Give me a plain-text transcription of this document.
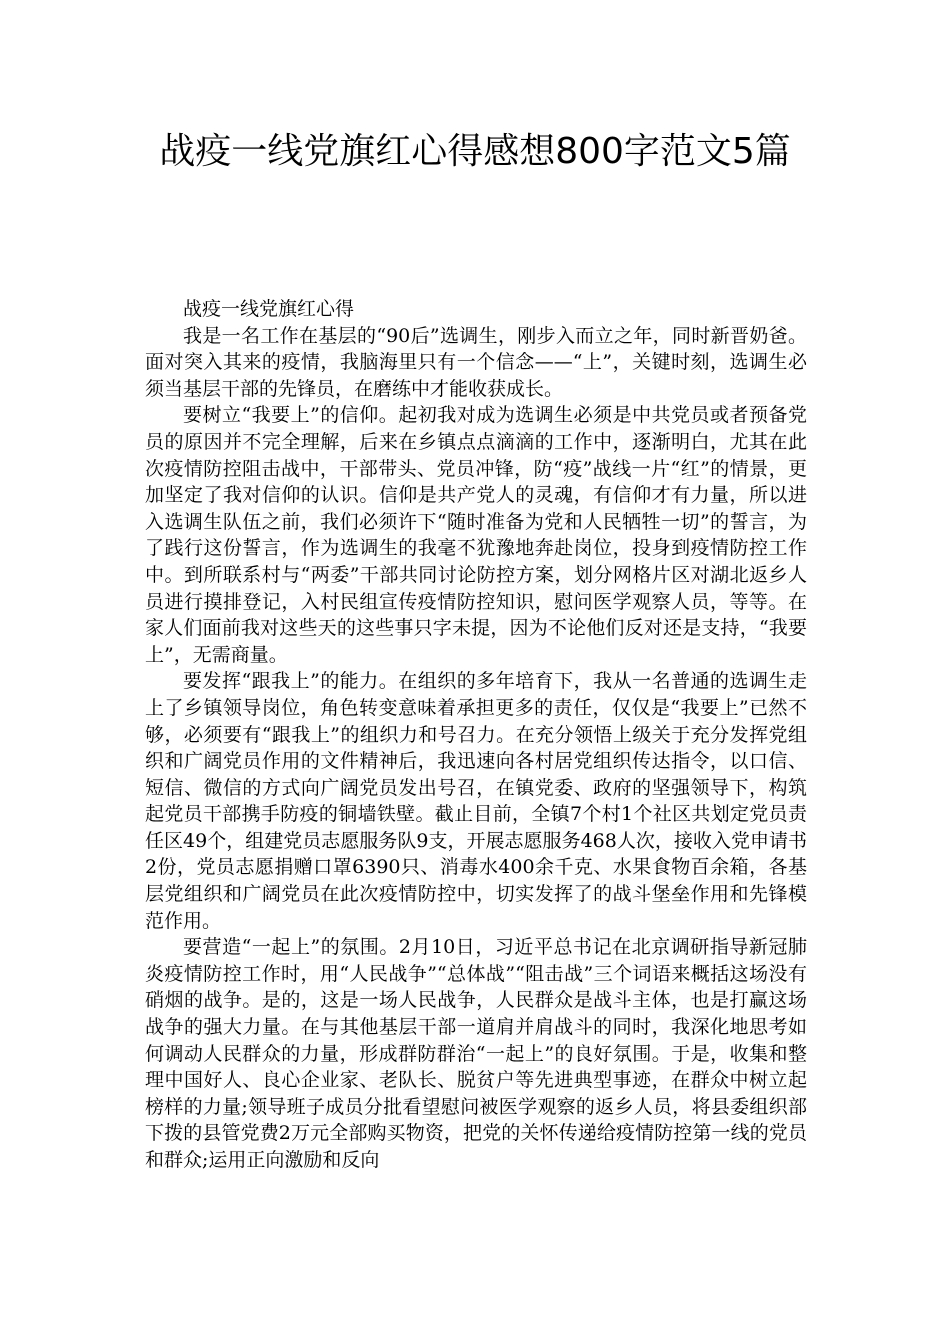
战疫一线党旗红心得感想800字范文5篇

战疫一线党旗红心得

我是一名工作在基层的“90后”选调生，刚步入而立之年，同时新晋奶爸。面对突入其来的疫情，我脑海里只有一个信念——“上”，关键时刻，选调生必须当基层干部的先锋员，在磨练中才能收获成长。

要树立“我要上”的信仰。起初我对成为选调生必须是中共党员或者预备党员的原因并不完全理解，后来在乡镇点点滴滴的工作中，逐渐明白，尤其在此次疫情防控阻击战中，干部带头、党员冲锋，防“疫”战线一片“红”的情景，更加坚定了我对信仰的认识。信仰是共产党人的灵魂，有信仰才有力量，所以进入选调生队伍之前，我们必须许下“随时准备为党和人民牺牲一切”的誓言，为了践行这份誓言，作为选调生的我毫不犹豫地奔赴岗位，投身到疫情防控工作中。到所联系村与“两委”干部共同讨论防控方案，划分网格片区对湖北返乡人员进行摸排登记，入村民组宣传疫情防控知识，慰问医学观察人员，等等。在家人们面前我对这些天的这些事只字未提，因为不论他们反对还是支持，“我要上”，无需商量。

要发挥“跟我上”的能力。在组织的多年培育下，我从一名普通的选调生走上了乡镇领导岗位，角色转变意味着承担更多的责任，仅仅是“我要上”已然不够，必须要有“跟我上”的组织力和号召力。在充分领悟上级关于充分发挥党组织和广阔党员作用的文件精神后，我迅速向各村居党组织传达指令，以口信、短信、微信的方式向广阔党员发出号召，在镇党委、政府的坚强领导下，构筑起党员干部携手防疫的铜墙铁壁。截止目前，全镇7个村1个社区共划定党员责任区49个，组建党员志愿服务队9支，开展志愿服务468人次，接收入党申请书2份，党员志愿捐赠口罩6390只、消毒水400余千克、水果食物百余箱，各基层党组织和广阔党员在此次疫情防控中，切实发挥了的战斗堡垒作用和先锋模范作用。

要营造“一起上”的氛围。2月10日，习近平总书记在北京调研指导新冠肺炎疫情防控工作时，用“人民战争”“总体战”“阻击战”三个词语来概括这场没有硝烟的战争。是的，这是一场人民战争，人民群众是战斗主体，也是打赢这场战争的强大力量。在与其他基层干部一道肩并肩战斗的同时，我深化地思考如何调动人民群众的力量，形成群防群治“一起上”的良好氛围。于是，收集和整理中国好人、良心企业家、老队长、脱贫户等先进典型事迹，在群众中树立起榜样的力量;领导班子成员分批看望慰问被医学观察的返乡人员，将县委组织部下拨的县管党费2万元全部购买物资，把党的关怀传递给疫情防控第一线的党员和群众;运用正向激励和反向
